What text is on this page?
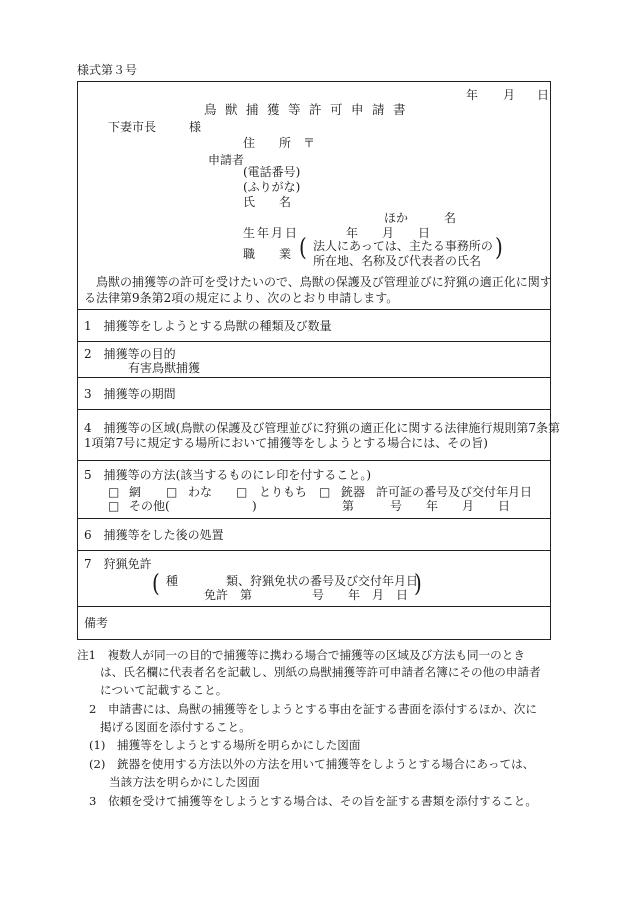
様式第３号
年 月 日
鳥獣捕獲等許可申請書
下妻市長	様
住　　所　〒
申請者
(電話番号)
(ふりがな)
氏　　名
ほか　　　名
生年月日	年　　月　　日
職　　業 ( 法人にあっては、主たる事務所の
所在地、名称及び代表者の氏名 )
　鳥獣の捕獲等の許可を受けたいので、鳥獣の保護及び管理並びに狩猟の適正化に関す
る法律第9条第2項の規定により、次のとおり申請します。
1　捕獲等をしようとする鳥獣の種類及び数量
2　捕獲等の目的
有害鳥獣捕獲
3　捕獲等の期間
4　捕獲等の区域(鳥獣の保護及び管理並びに狩猟の適正化に関する法律施行規則第7条第
1項第7号に規定する場所において捕獲等をしようとする場合には、その旨)
5　捕獲等の方法(該当するものにレ印を付すること。)
□ 網 □ わな □ とりもち □ 銃器 許可証の番号及び交付年月日
□ その他(	)	第　　　号　　年　　月　　日
6　捕獲等をした後の処置
7　狩猟免許
( 種　　　　類、狩猟免状の番号及び交付年月日
免許　第　　　　　号　　年　月　日 )
備考
注1　複数人が同一の目的で捕獲等に携わる場合で捕獲等の区域及び方法も同一のとき
は、氏名欄に代表者名を記載し、別紙の鳥獣捕獲等許可申請者名簿にその他の申請者
について記載すること。
2　申請書には、鳥獣の捕獲等をしようとする事由を証する書面を添付するほか、次に
掲げる図面を添付すること。
(1)　捕獲等をしようとする場所を明らかにした図面
(2)　銃器を使用する方法以外の方法を用いて捕獲等をしようとする場合にあっては、
当該方法を明らかにした図面
3　依頼を受けて捕獲等をしようとする場合は、その旨を証する書類を添付すること。
